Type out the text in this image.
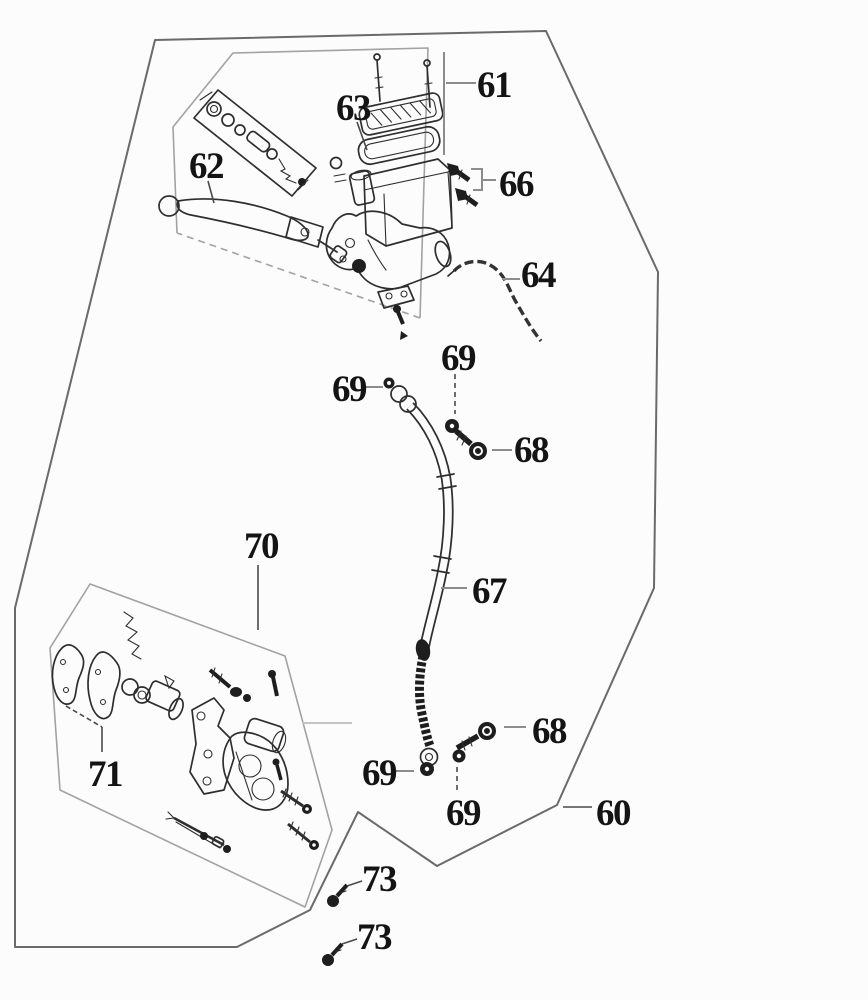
61
63
62	66
64
69
69
68
67
70
71	69
69
68
60
73
73
